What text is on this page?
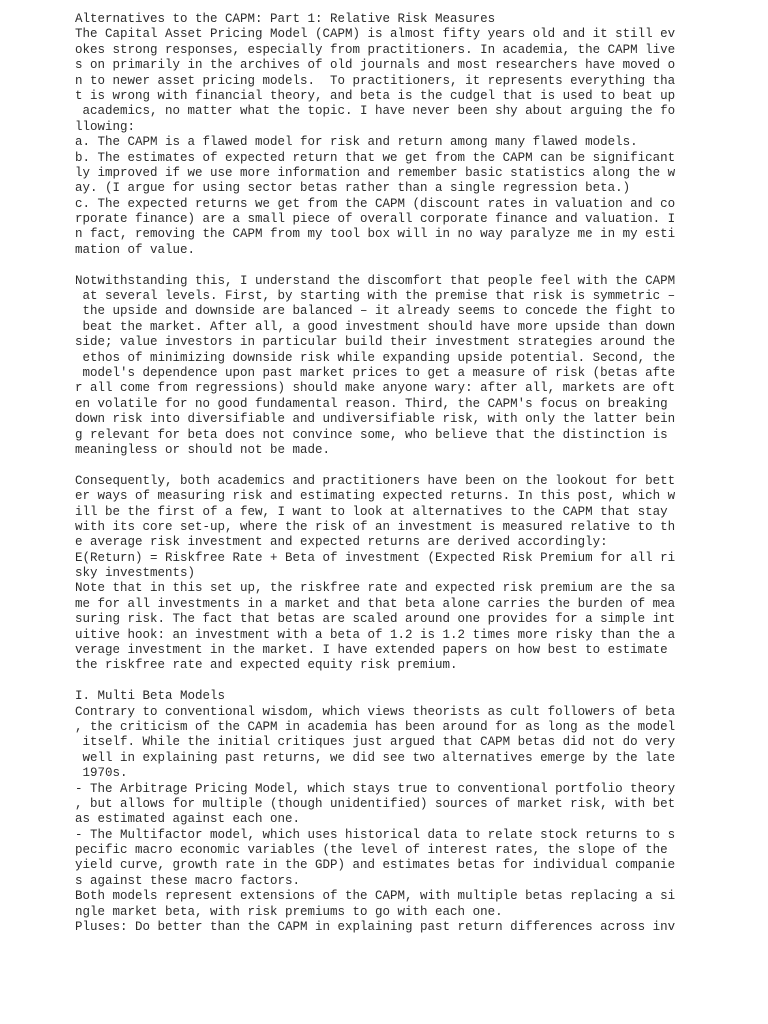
Alternatives to the CAPM: Part 1: Relative Risk Measures
The Capital Asset Pricing Model (CAPM) is almost fifty years old and it still ev
okes strong responses, especially from practitioners. In academia, the CAPM live
s on primarily in the archives of old journals and most researchers have moved o
n to newer asset pricing models.  To practitioners, it represents everything tha
t is wrong with financial theory, and beta is the cudgel that is used to beat up
academics, no matter what the topic. I have never been shy about arguing the fo
llowing:
a. The CAPM is a flawed model for risk and return among many flawed models.
b. The estimates of expected return that we get from the CAPM can be significant
ly improved if we use more information and remember basic statistics along the w
ay. (I argue for using sector betas rather than a single regression beta.)
c. The expected returns we get from the CAPM (discount rates in valuation and co
rporate finance) are a small piece of overall corporate finance and valuation. I
n fact, removing the CAPM from my tool box will in no way paralyze me in my esti
mation of value.
Notwithstanding this, I understand the discomfort that people feel with the CAPM
at several levels. First, by starting with the premise that risk is symmetric –
the upside and downside are balanced – it already seems to concede the fight to
beat the market. After all, a good investment should have more upside than down
side; value investors in particular build their investment strategies around the
ethos of minimizing downside risk while expanding upside potential. Second, the
model's dependence upon past market prices to get a measure of risk (betas afte
r all come from regressions) should make anyone wary: after all, markets are oft
en volatile for no good fundamental reason. Third, the CAPM's focus on breaking
down risk into diversifiable and undiversifiable risk, with only the latter bein
g relevant for beta does not convince some, who believe that the distinction is
meaningless or should not be made.
Consequently, both academics and practitioners have been on the lookout for bett
er ways of measuring risk and estimating expected returns. In this post, which w
ill be the first of a few, I want to look at alternatives to the CAPM that stay
with its core set-up, where the risk of an investment is measured relative to th
e average risk investment and expected returns are derived accordingly:
E(Return) = Riskfree Rate + Beta of investment (Expected Risk Premium for all ri
sky investments)
Note that in this set up, the riskfree rate and expected risk premium are the sa
me for all investments in a market and that beta alone carries the burden of mea
suring risk. The fact that betas are scaled around one provides for a simple int
uitive hook: an investment with a beta of 1.2 is 1.2 times more risky than the a
verage investment in the market. I have extended papers on how best to estimate
the riskfree rate and expected equity risk premium.
I. Multi Beta Models
Contrary to conventional wisdom, which views theorists as cult followers of beta
, the criticism of the CAPM in academia has been around for as long as the model
itself. While the initial critiques just argued that CAPM betas did not do very
well in explaining past returns, we did see two alternatives emerge by the late
1970s.
- The Arbitrage Pricing Model, which stays true to conventional portfolio theory
, but allows for multiple (though unidentified) sources of market risk, with bet
as estimated against each one.
- The Multifactor model, which uses historical data to relate stock returns to s
pecific macro economic variables (the level of interest rates, the slope of the
yield curve, growth rate in the GDP) and estimates betas for individual companie
s against these macro factors.
Both models represent extensions of the CAPM, with multiple betas replacing a si
ngle market beta, with risk premiums to go with each one.
Pluses: Do better than the CAPM in explaining past return differences across inv
